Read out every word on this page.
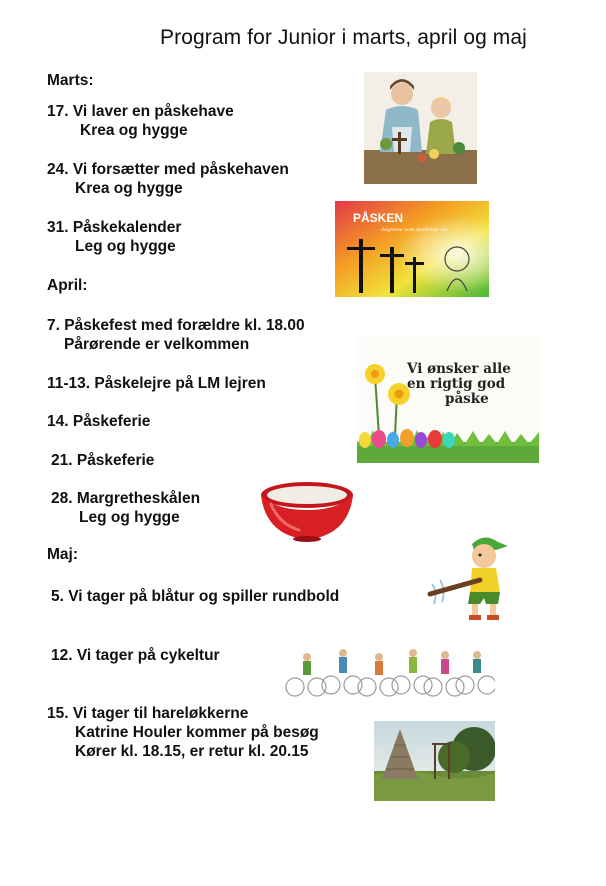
Program for Junior i marts, april og maj
Marts:
17. Vi laver en påskehave
Krea og hygge
24. Vi forsætter med påskehaven
Krea og hygge
31. Påskekalender
Leg og hygge
April:
7. Påskefest med forældre kl. 18.00
Pårørende er velkommen
11-13. Påskelejre på LM lejren
14. Påskeferie
21. Påskeferie
28. Margretheskålen
Leg og hygge
Maj:
5. Vi tager på blåtur og spiller rundbold
12. Vi tager på cykeltur
15. Vi tager til hareløkkerne
Katrine Houler kommer på besøg
Kører kl. 18.15, er retur kl. 20.15
PÅSKEN
døgnene som ændrede alt
Vi ønsker alle
en rigtig god
påske
